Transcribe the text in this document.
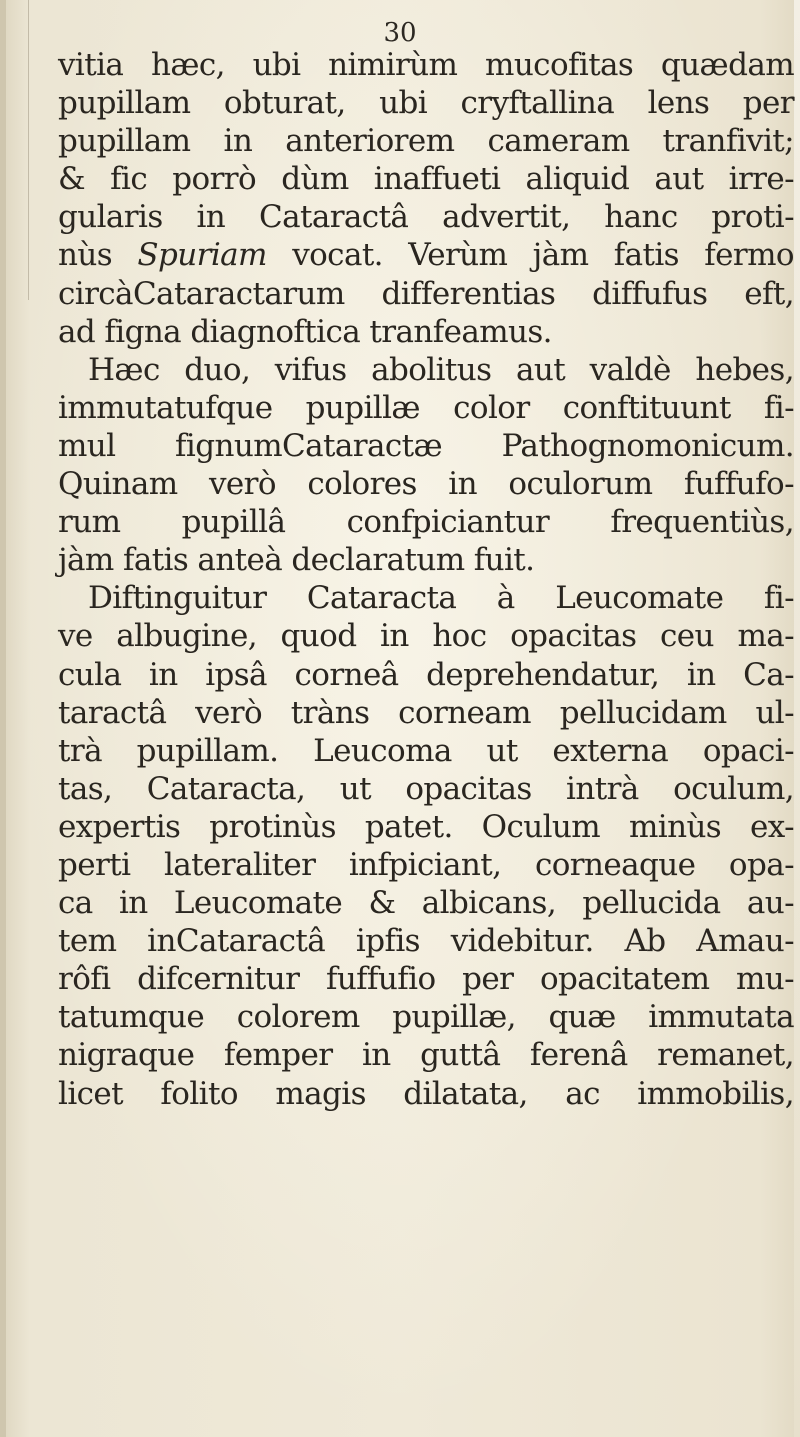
30
vitia hæc, ubi nimirùm mucofitas quædam
pupillam obturat, ubi cryftallina lens per
pupillam in anteriorem cameram tranfivit;
& fic porrò dùm inaffueti aliquid aut irre-
gularis in Cataractâ advertit, hanc proti-
nùs Spuriam vocat. Verùm jàm fatis fermo
circàCataractarum differentias diffufus eft,
ad figna diagnoftica tranfeamus.
Hæc duo, vifus abolitus aut valdè hebes,
immutatufque pupillæ color conftituunt fi-
mul fignumCataractæ Pathognomonicum.
Quinam verò colores in oculorum fuffufo-
rum pupillâ confpiciantur frequentiùs,
jàm fatis anteà declaratum fuit.
Diftinguitur Cataracta à Leucomate fi-
ve albugine, quod in hoc opacitas ceu ma-
cula in ipsâ corneâ deprehendatur, in Ca-
taractâ verò tràns corneam pellucidam ul-
trà pupillam. Leucoma ut externa opaci-
tas, Cataracta, ut opacitas intrà oculum,
expertis protinùs patet. Oculum minùs ex-
perti lateraliter infpiciant, corneaque opa-
ca in Leucomate & albicans, pellucida au-
tem inCataractâ ipfis videbitur. Ab Amau-
rôfi difcernitur fuffufio per opacitatem mu-
tatumque colorem pupillæ, quæ immutata
nigraque femper in guttâ ferenâ remanet,
licet folito magis dilatata, ac immobilis,
